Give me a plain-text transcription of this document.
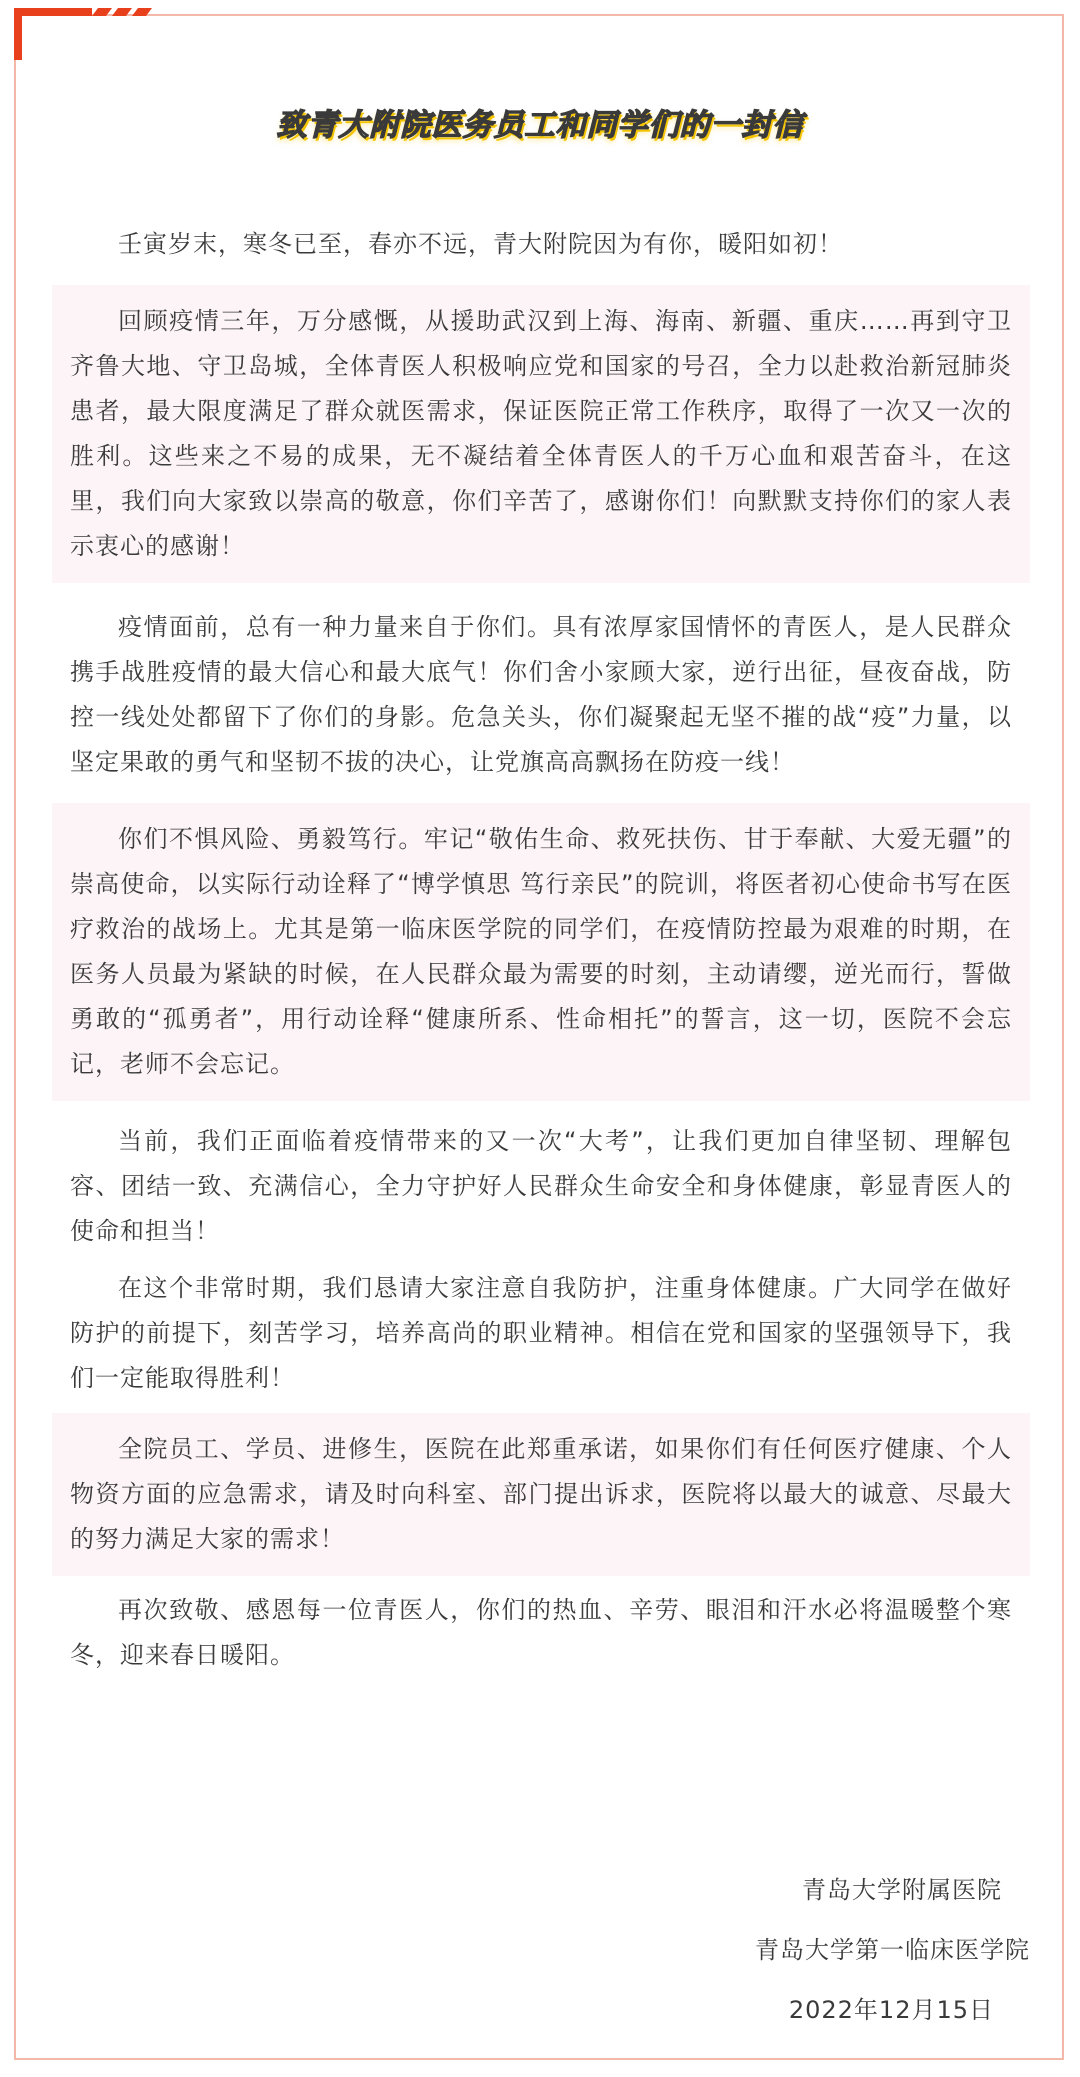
致青大附院医务员工和同学们的一封信

壬寅岁末，寒冬已至，春亦不远，青大附院因为有你，暖阳如初！

回顾疫情三年，万分感慨，从援助武汉到上海、海南、新疆、重庆……再到守卫齐鲁大地、守卫岛城，全体青医人积极响应党和国家的号召，全力以赴救治新冠肺炎患者，最大限度满足了群众就医需求，保证医院正常工作秩序，取得了一次又一次的胜利。这些来之不易的成果，无不凝结着全体青医人的千万心血和艰苦奋斗，在这里，我们向大家致以崇高的敬意，你们辛苦了，感谢你们！向默默支持你们的家人表示衷心的感谢！

疫情面前，总有一种力量来自于你们。具有浓厚家国情怀的青医人，是人民群众携手战胜疫情的最大信心和最大底气！你们舍小家顾大家，逆行出征，昼夜奋战，防控一线处处都留下了你们的身影。危急关头，你们凝聚起无坚不摧的战“疫”力量，以坚定果敢的勇气和坚韧不拔的决心，让党旗高高飘扬在防疫一线！

你们不惧风险、勇毅笃行。牢记“敬佑生命、救死扶伤、甘于奉献、大爱无疆”的崇高使命，以实际行动诠释了“博学慎思 笃行亲民”的院训，将医者初心使命书写在医疗救治的战场上。尤其是第一临床医学院的同学们，在疫情防控最为艰难的时期，在医务人员最为紧缺的时候，在人民群众最为需要的时刻，主动请缨，逆光而行，誓做勇敢的“孤勇者”，用行动诠释“健康所系、性命相托”的誓言，这一切，医院不会忘记，老师不会忘记。

当前，我们正面临着疫情带来的又一次“大考”，让我们更加自律坚韧、理解包容、团结一致、充满信心，全力守护好人民群众生命安全和身体健康，彰显青医人的使命和担当！

在这个非常时期，我们恳请大家注意自我防护，注重身体健康。广大同学在做好防护的前提下，刻苦学习，培养高尚的职业精神。相信在党和国家的坚强领导下，我们一定能取得胜利！

全院员工、学员、进修生，医院在此郑重承诺，如果你们有任何医疗健康、个人物资方面的应急需求，请及时向科室、部门提出诉求，医院将以最大的诚意、尽最大的努力满足大家的需求！

再次致敬、感恩每一位青医人，你们的热血、辛劳、眼泪和汗水必将温暖整个寒冬，迎来春日暖阳。

青岛大学附属医院
青岛大学第一临床医学院
2022年12月15日
